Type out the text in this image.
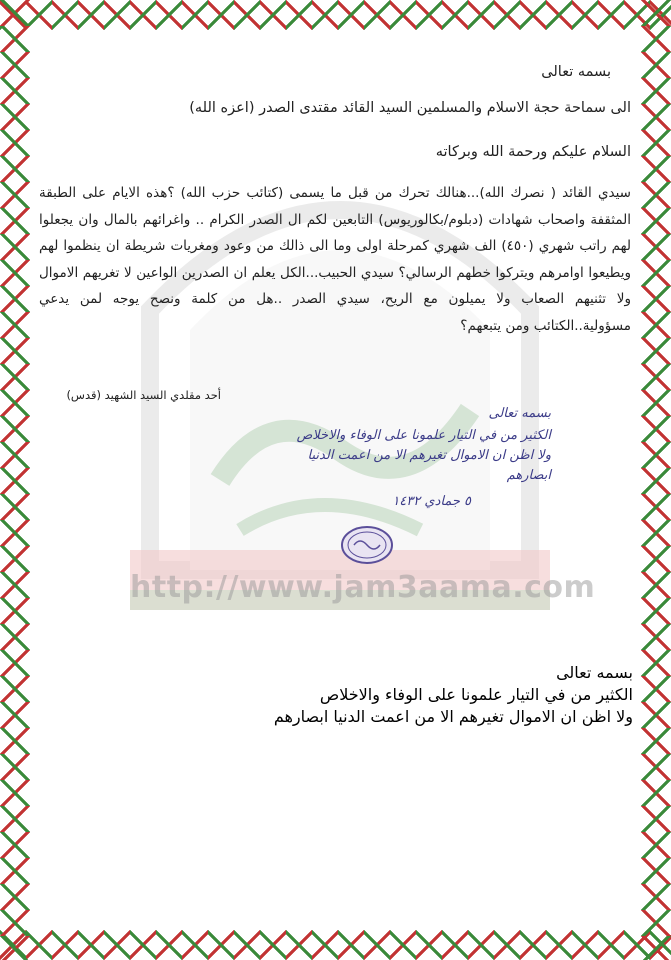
http://www.jam3aama.com
بسمه تعالى
الى سماحة حجة الاسلام والمسلمين السيد القائد مقتدى الصدر (اعزه الله)
السلام عليكم ورحمة الله وبركاته
سيدي القائد ( نصرك الله)...هنالك تحرك من قبل ما يسمى (كتائب حزب الله) ؟هذه الايام على الطبقة المثقفة واصحاب شهادات (دبلوم/بكالوريوس) التابعين لكم ال الصدر الكرام .. واغرائهم بالمال وان يجعلوا لهم راتب شهري (٤٥٠) الف شهري كمرحلة اولى وما الى ذالك من وعود ومغريات شريطة ان ينظموا لهم ويطيعوا اوامرهم ويتركوا خطهم الرسالي؟ سيدي الحبيب...الكل يعلم ان الصدرين الواعين لا تغريهم الاموال ولا تثنيهم الصعاب ولا يميلون مع الريح، سيدي الصدر ..هل من كلمة ونصح يوجه لمن يدعي مسؤولية..الكتائب ومن يتبعهم؟
أحد مقلدي السيد الشهيد (قدس)
بسمه تعالى
الكثير من في التيار علمونا على الوفاء والاخلاص
ولا اظن ان الاموال تغيرهم الا من اعمت الدنيا
ابصارهم
٥ جمادي ١٤٣٢
بسمه تعالى
الكثير من في التيار علمونا على الوفاء والاخلاص
ولا اظن ان الاموال تغيرهم الا من اعمت الدنيا ابصارهم
